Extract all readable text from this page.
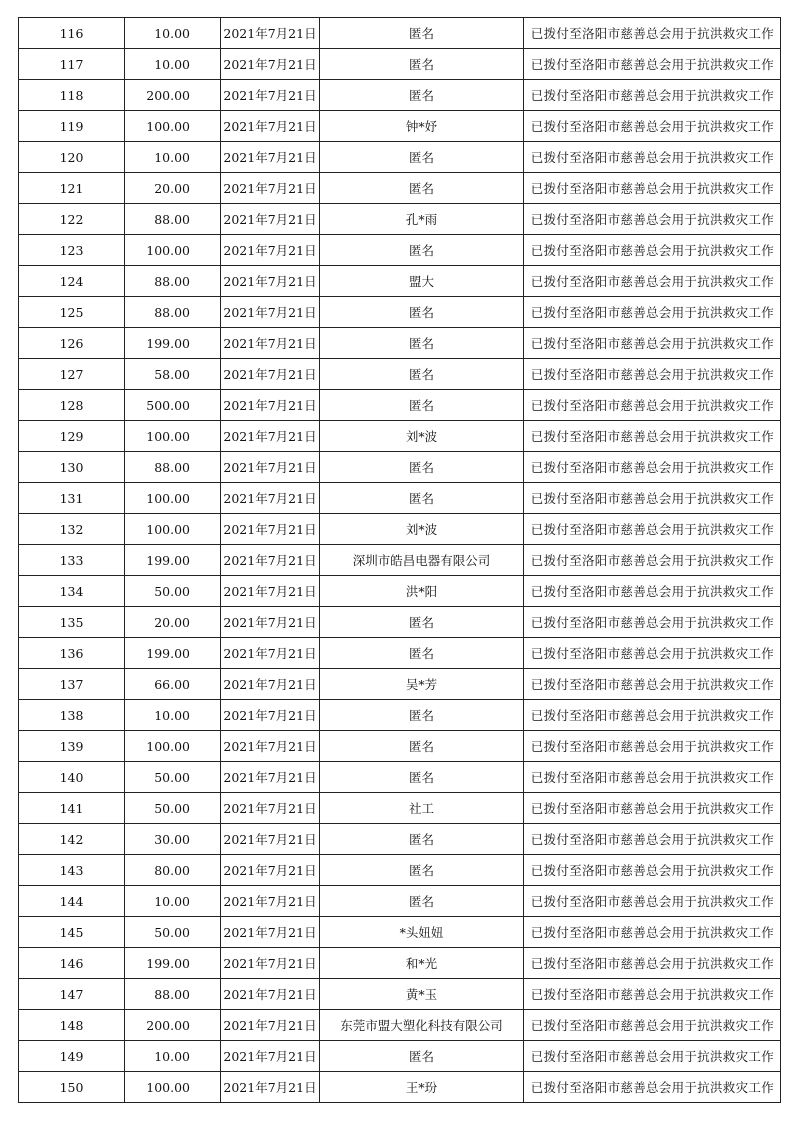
116	10.00	2021年7月21日	匿名	已拨付至洛阳市慈善总会用于抗洪救灾工作
117	10.00	2021年7月21日	匿名	已拨付至洛阳市慈善总会用于抗洪救灾工作
118	200.00	2021年7月21日	匿名	已拨付至洛阳市慈善总会用于抗洪救灾工作
119	100.00	2021年7月21日	钟*妤	已拨付至洛阳市慈善总会用于抗洪救灾工作
120	10.00	2021年7月21日	匿名	已拨付至洛阳市慈善总会用于抗洪救灾工作
121	20.00	2021年7月21日	匿名	已拨付至洛阳市慈善总会用于抗洪救灾工作
122	88.00	2021年7月21日	孔*雨	已拨付至洛阳市慈善总会用于抗洪救灾工作
123	100.00	2021年7月21日	匿名	已拨付至洛阳市慈善总会用于抗洪救灾工作
124	88.00	2021年7月21日	盟大	已拨付至洛阳市慈善总会用于抗洪救灾工作
125	88.00	2021年7月21日	匿名	已拨付至洛阳市慈善总会用于抗洪救灾工作
126	199.00	2021年7月21日	匿名	已拨付至洛阳市慈善总会用于抗洪救灾工作
127	58.00	2021年7月21日	匿名	已拨付至洛阳市慈善总会用于抗洪救灾工作
128	500.00	2021年7月21日	匿名	已拨付至洛阳市慈善总会用于抗洪救灾工作
129	100.00	2021年7月21日	刘*波	已拨付至洛阳市慈善总会用于抗洪救灾工作
130	88.00	2021年7月21日	匿名	已拨付至洛阳市慈善总会用于抗洪救灾工作
131	100.00	2021年7月21日	匿名	已拨付至洛阳市慈善总会用于抗洪救灾工作
132	100.00	2021年7月21日	刘*波	已拨付至洛阳市慈善总会用于抗洪救灾工作
133	199.00	2021年7月21日	深圳市皓昌电器有限公司	已拨付至洛阳市慈善总会用于抗洪救灾工作
134	50.00	2021年7月21日	洪*阳	已拨付至洛阳市慈善总会用于抗洪救灾工作
135	20.00	2021年7月21日	匿名	已拨付至洛阳市慈善总会用于抗洪救灾工作
136	199.00	2021年7月21日	匿名	已拨付至洛阳市慈善总会用于抗洪救灾工作
137	66.00	2021年7月21日	吴*芳	已拨付至洛阳市慈善总会用于抗洪救灾工作
138	10.00	2021年7月21日	匿名	已拨付至洛阳市慈善总会用于抗洪救灾工作
139	100.00	2021年7月21日	匿名	已拨付至洛阳市慈善总会用于抗洪救灾工作
140	50.00	2021年7月21日	匿名	已拨付至洛阳市慈善总会用于抗洪救灾工作
141	50.00	2021年7月21日	社工	已拨付至洛阳市慈善总会用于抗洪救灾工作
142	30.00	2021年7月21日	匿名	已拨付至洛阳市慈善总会用于抗洪救灾工作
143	80.00	2021年7月21日	匿名	已拨付至洛阳市慈善总会用于抗洪救灾工作
144	10.00	2021年7月21日	匿名	已拨付至洛阳市慈善总会用于抗洪救灾工作
145	50.00	2021年7月21日	*头妞妞	已拨付至洛阳市慈善总会用于抗洪救灾工作
146	199.00	2021年7月21日	和*光	已拨付至洛阳市慈善总会用于抗洪救灾工作
147	88.00	2021年7月21日	黄*玉	已拨付至洛阳市慈善总会用于抗洪救灾工作
148	200.00	2021年7月21日	东莞市盟大塑化科技有限公司	已拨付至洛阳市慈善总会用于抗洪救灾工作
149	10.00	2021年7月21日	匿名	已拨付至洛阳市慈善总会用于抗洪救灾工作
150	100.00	2021年7月21日	王*玢	已拨付至洛阳市慈善总会用于抗洪救灾工作
